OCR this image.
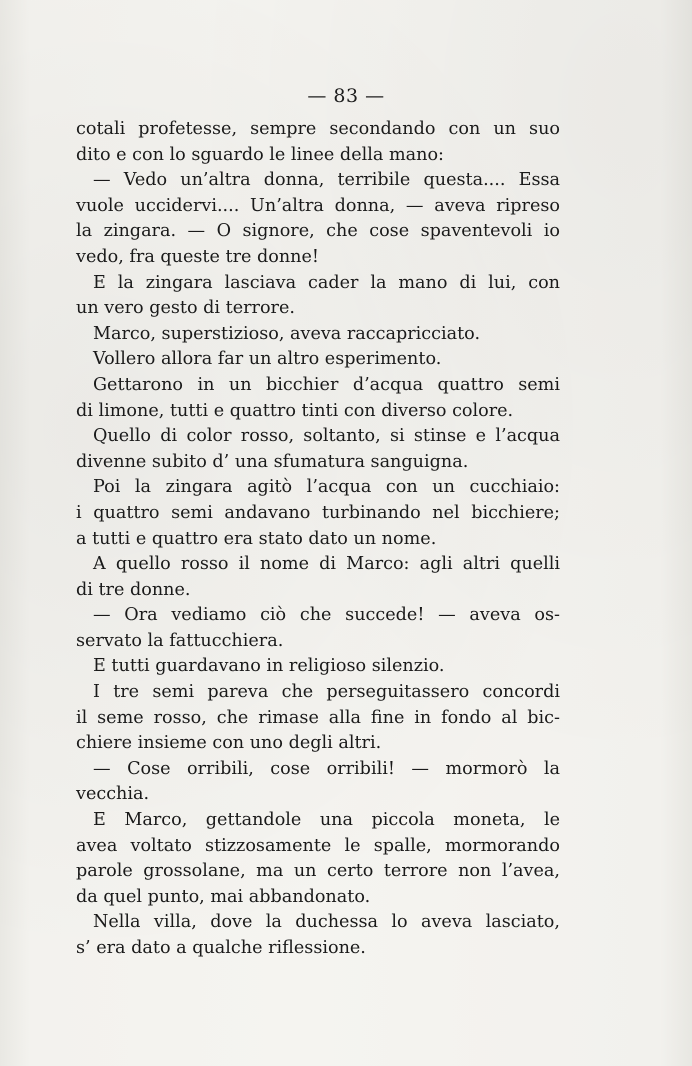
— 83 —
cotali profetesse, sempre secondando con un suo
dito e con lo sguardo le linee della mano:
— Vedo un’altra donna, terribile questa.... Essa
vuole uccidervi.... Un’altra donna, — aveva ripreso
la zingara. — O signore, che cose spaventevoli io
vedo, fra queste tre donne!
E la zingara lasciava cader la mano di lui, con
un vero gesto di terrore.
Marco, superstizioso, aveva raccapricciato.
Vollero allora far un altro esperimento.
Gettarono in un bicchier d’acqua quattro semi
di limone, tutti e quattro tinti con diverso colore.
Quello di color rosso, soltanto, si stinse e l’acqua
divenne subito d’ una sfumatura sanguigna.
Poi la zingara agitò l’acqua con un cucchiaio:
i quattro semi andavano turbinando nel bicchiere;
a tutti e quattro era stato dato un nome.
A quello rosso il nome di Marco: agli altri quelli
di tre donne.
— Ora vediamo ciò che succede! — aveva os-
servato la fattucchiera.
E tutti guardavano in religioso silenzio.
I tre semi pareva che perseguitassero concordi
il seme rosso, che rimase alla fine in fondo al bic-
chiere insieme con uno degli altri.
— Cose orribili, cose orribili! — mormorò la
vecchia.
E Marco, gettandole una piccola moneta, le
avea voltato stizzosamente le spalle, mormorando
parole grossolane, ma un certo terrore non l’avea,
da quel punto, mai abbandonato.
Nella villa, dove la duchessa lo aveva lasciato,
s’ era dato a qualche riflessione.
